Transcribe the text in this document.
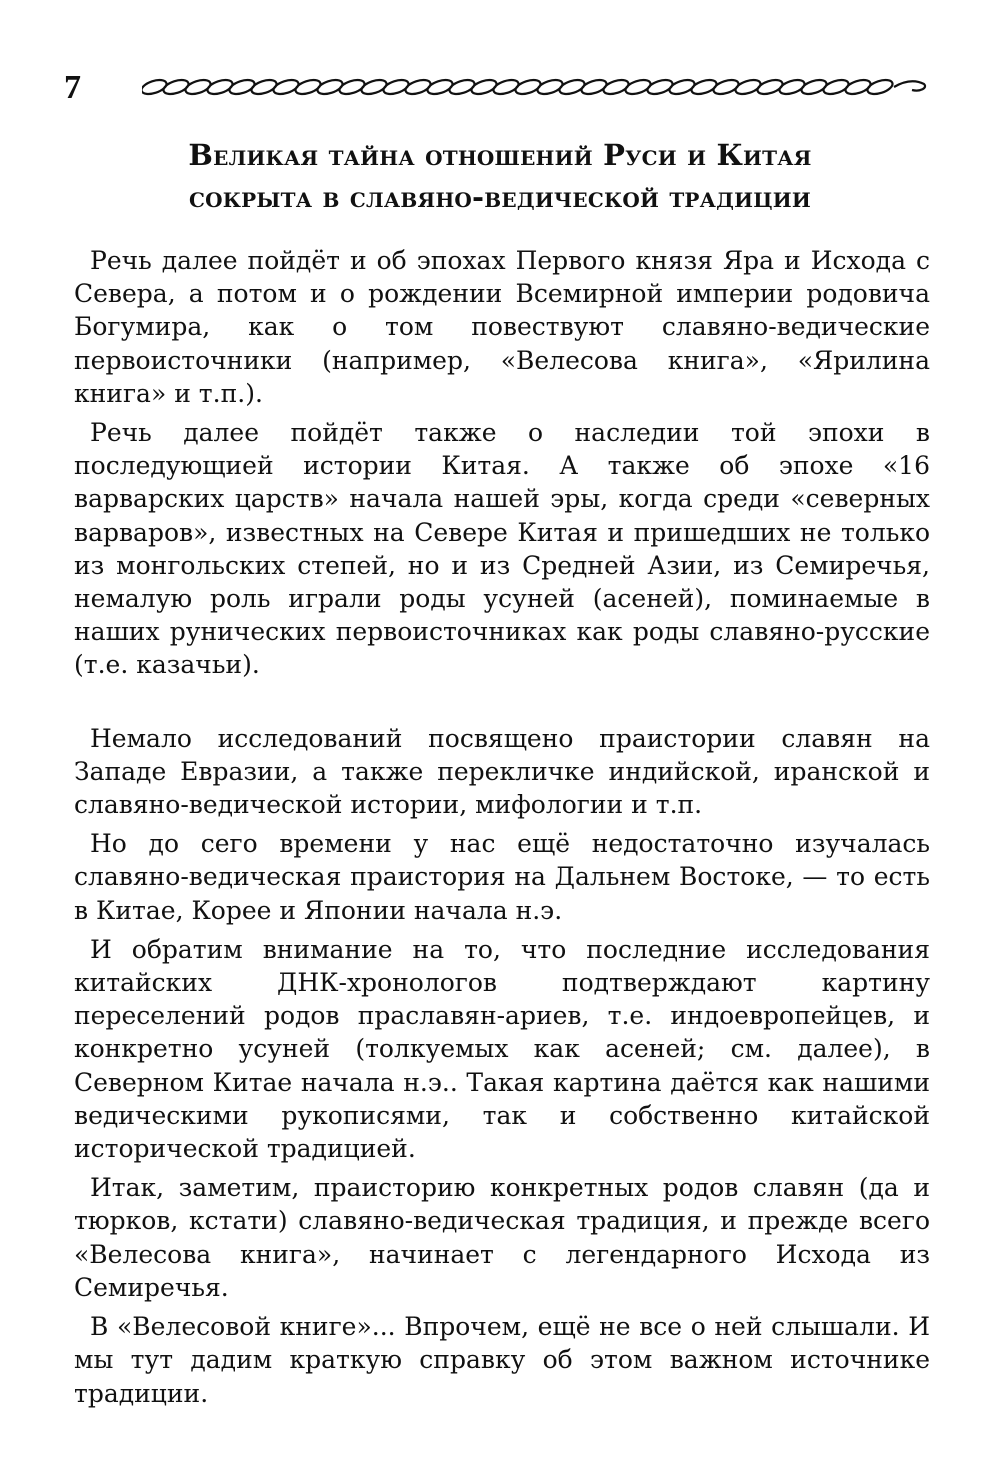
7
Великая тайна отношений Руси и Китая
сокрыта в славяно-ведической традиции

Речь далее пойдёт и об эпохах Первого князя Яра и Исхода с Севера, а потом и о рождении Всемирной империи родовича Богумира, как о том повествуют славяно-ведические первоисточники (например, «Велесова книга», «Ярилина книга» и т.п.).

Речь далее пойдёт также о наследии той эпохи в последующией истории Китая. А также об эпохе «16 варварских царств» начала нашей эры, когда среди «северных варваров», известных на Севере Китая и пришедших не только из монгольских степей, но и из Средней Азии, из Семиречья, немалую роль играли роды усуней (асеней), поминаемые в наших рунических первоисточниках как роды славяно-русские (т.е. казачьи).

Немало исследований посвящено праистории славян на Западе Евразии, а также перекличке индийской, иранской и славяно-ведической истории, мифологии и т.п.

Но до сего времени у нас ещё недостаточно изучалась славяно-ведическая праистория на Дальнем Востоке, — то есть в Китае, Корее и Японии начала н.э.

И обратим внимание на то, что последние исследования китайских ДНК-хронологов подтверждают картину переселений родов праславян-ариев, т.е. индоевропейцев, и конкретно усуней (толкуемых как асеней; см. далее), в Северном Китае начала н.э.. Такая картина даётся как нашими ведическими рукописями, так и собственно китайской исторической традицией.

Итак, заметим, праисторию конкретных родов славян (да и тюрков, кстати) славяно-ведическая традиция, и прежде всего «Велесова книга», начинает с легендарного Исхода из Семиречья.

В «Велесовой книге»... Впрочем, ещё не все о ней слышали. И мы тут дадим краткую справку об этом важном источнике традиции.
